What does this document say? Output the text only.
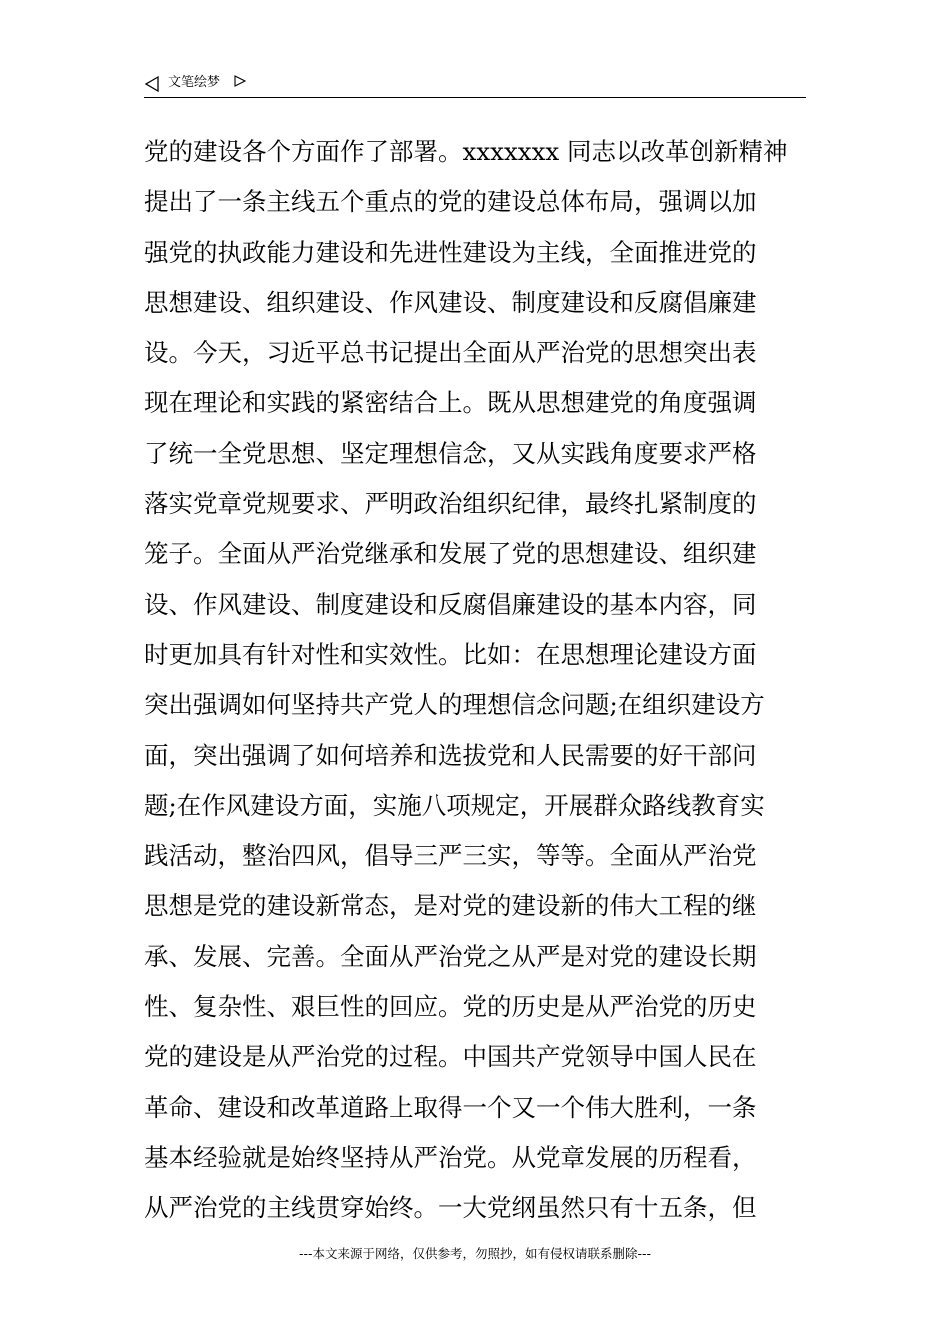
文笔绘梦
党的建设各个方面作了部署。xxxxxxx 同志以改革创新精神
提出了一条主线五个重点的党的建设总体布局，强调以加
强党的执政能力建设和先进性建设为主线，全面推进党的
思想建设、组织建设、作风建设、制度建设和反腐倡廉建
设。今天，习近平总书记提出全面从严治党的思想突出表
现在理论和实践的紧密结合上。既从思想建党的角度强调
了统一全党思想、坚定理想信念，又从实践角度要求严格
落实党章党规要求、严明政治组织纪律，最终扎紧制度的
笼子。全面从严治党继承和发展了党的思想建设、组织建
设、作风建设、制度建设和反腐倡廉建设的基本内容，同
时更加具有针对性和实效性。比如：在思想理论建设方面
突出强调如何坚持共产党人的理想信念问题;在组织建设方
面，突出强调了如何培养和选拔党和人民需要的好干部问
题;在作风建设方面，实施八项规定，开展群众路线教育实
践活动，整治四风，倡导三严三实，等等。全面从严治党
思想是党的建设新常态，是对党的建设新的伟大工程的继
承、发展、完善。全面从严治党之从严是对党的建设长期
性、复杂性、艰巨性的回应。党的历史是从严治党的历史
党的建设是从严治党的过程。中国共产党领导中国人民在
革命、建设和改革道路上取得一个又一个伟大胜利，一条
基本经验就是始终坚持从严治党。从党章发展的历程看，
从严治党的主线贯穿始终。一大党纲虽然只有十五条，但
---本文来源于网络，仅供参考，勿照抄，如有侵权请联系删除---
